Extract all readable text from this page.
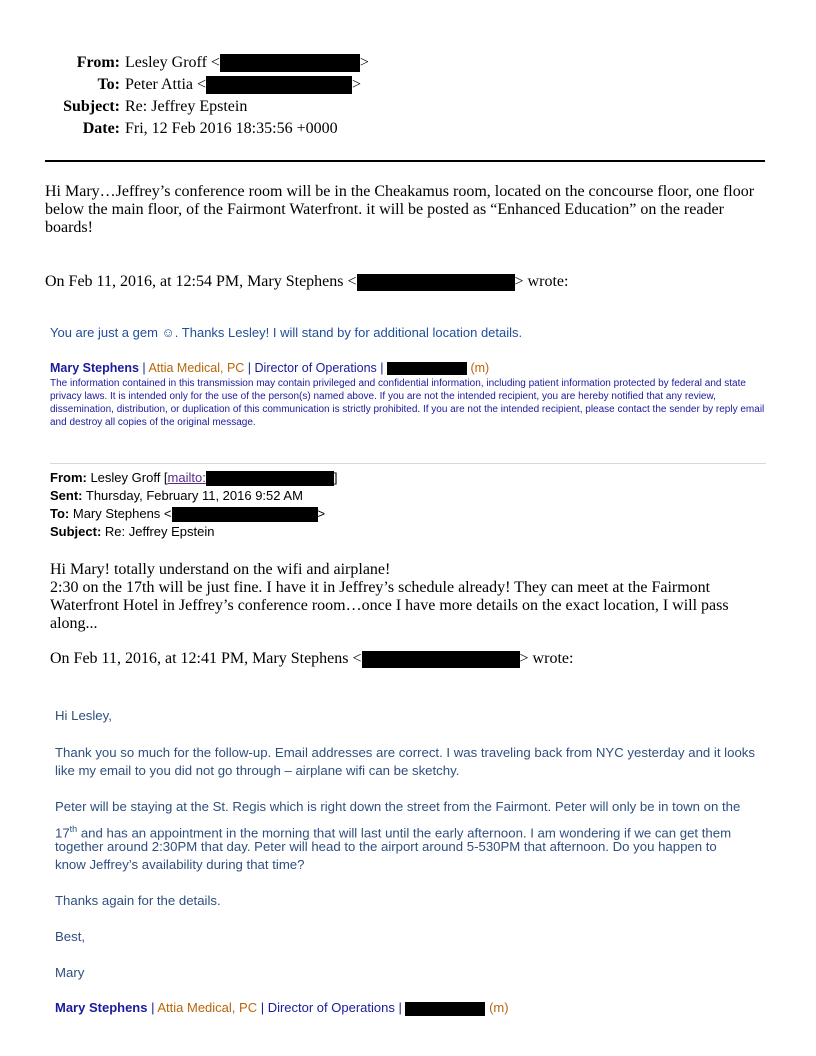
From: Lesley Groff <	>
To: Peter Attia <	>
Subject: Re: Jeffrey Epstein
Date: Fri, 12 Feb 2016 18:35:56 +0000
Hi Mary…Jeffrey’s conference room will be in the Cheakamus room, located on the concourse floor, one floor
below the main floor, of the Fairmont Waterfront. it will be posted as “Enhanced Education” on the reader
boards!
On Feb 11, 2016, at 12:54 PM, Mary Stephens <	> wrote:
You are just a gem ☺. Thanks Lesley! I will stand by for additional location details.
Mary Stephens | Attia Medical, PC | Director of Operations |	(m)
The information contained in this transmission may contain privileged and confidential information, including patient information protected by federal and state privacy laws. It is intended only for the use of the person(s) named above. If you are not the intended recipient, you are hereby notified that any review, dissemination, distribution, or duplication of this communication is strictly prohibited. If you are not the intended recipient, please contact the sender by reply email and destroy all copies of the original message.
From: Lesley Groff [mailto:	]
Sent: Thursday, February 11, 2016 9:52 AM
To: Mary Stephens <	>
Subject: Re: Jeffrey Epstein
Hi Mary! totally understand on the wifi and airplane!
2:30 on the 17th will be just fine. I have it in Jeffrey’s schedule already! They can meet at the Fairmont
Waterfront Hotel in Jeffrey’s conference room…once I have more details on the exact location, I will pass
along...
On Feb 11, 2016, at 12:41 PM, Mary Stephens <	> wrote:
Hi Lesley,
Thank you so much for the follow-up. Email addresses are correct. I was traveling back from NYC yesterday and it looks
like my email to you did not go through – airplane wifi can be sketchy.
Peter will be staying at the St. Regis which is right down the street from the Fairmont. Peter will only be in town on the
17th and has an appointment in the morning that will last until the early afternoon. I am wondering if we can get them
together around 2:30PM that day. Peter will head to the airport around 5-530PM that afternoon. Do you happen to
know Jeffrey’s availability during that time?
Thanks again for the details.
Best,
Mary
Mary Stephens | Attia Medical, PC | Director of Operations |	(m)
